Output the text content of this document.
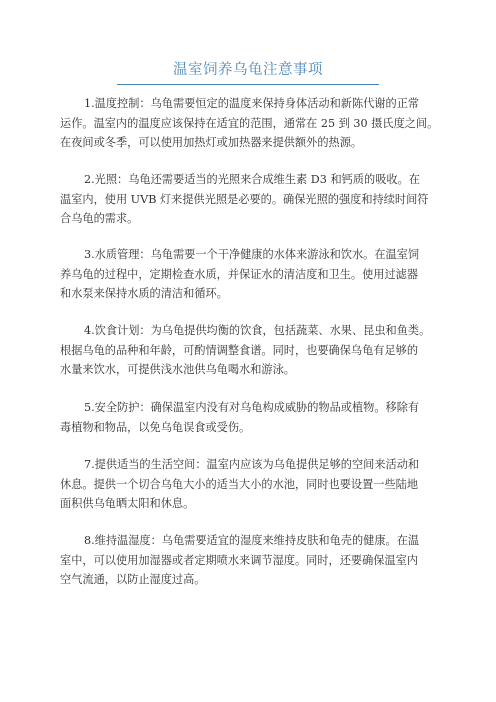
温室饲养乌龟注意事项
1.温度控制：乌龟需要恒定的温度来保持身体活动和新陈代谢的正常
运作。温室内的温度应该保持在适宜的范围，通常在 25 到 30 摄氏度之间。
在夜间或冬季，可以使用加热灯或加热器来提供额外的热源。
2.光照：乌龟还需要适当的光照来合成维生素 D3 和钙质的吸收。在
温室内，使用 UVB 灯来提供光照是必要的。确保光照的强度和持续时间符
合乌龟的需求。
3.水质管理：乌龟需要一个干净健康的水体来游泳和饮水。在温室饲
养乌龟的过程中，定期检查水质，并保证水的清洁度和卫生。使用过滤器
和水泵来保持水质的清洁和循环。
4.饮食计划：为乌龟提供均衡的饮食，包括蔬菜、水果、昆虫和鱼类。
根据乌龟的品种和年龄，可酌情调整食谱。同时，也要确保乌龟有足够的
水量来饮水，可提供浅水池供乌龟喝水和游泳。
5.安全防护：确保温室内没有对乌龟构成威胁的物品或植物。移除有
毒植物和物品，以免乌龟误食或受伤。
7.提供适当的生活空间：温室内应该为乌龟提供足够的空间来活动和
休息。提供一个切合乌龟大小的适当大小的水池，同时也要设置一些陆地
面积供乌龟晒太阳和休息。
8.维持温湿度：乌龟需要适宜的湿度来维持皮肤和龟壳的健康。在温
室中，可以使用加湿器或者定期喷水来调节湿度。同时，还要确保温室内
空气流通，以防止湿度过高。
